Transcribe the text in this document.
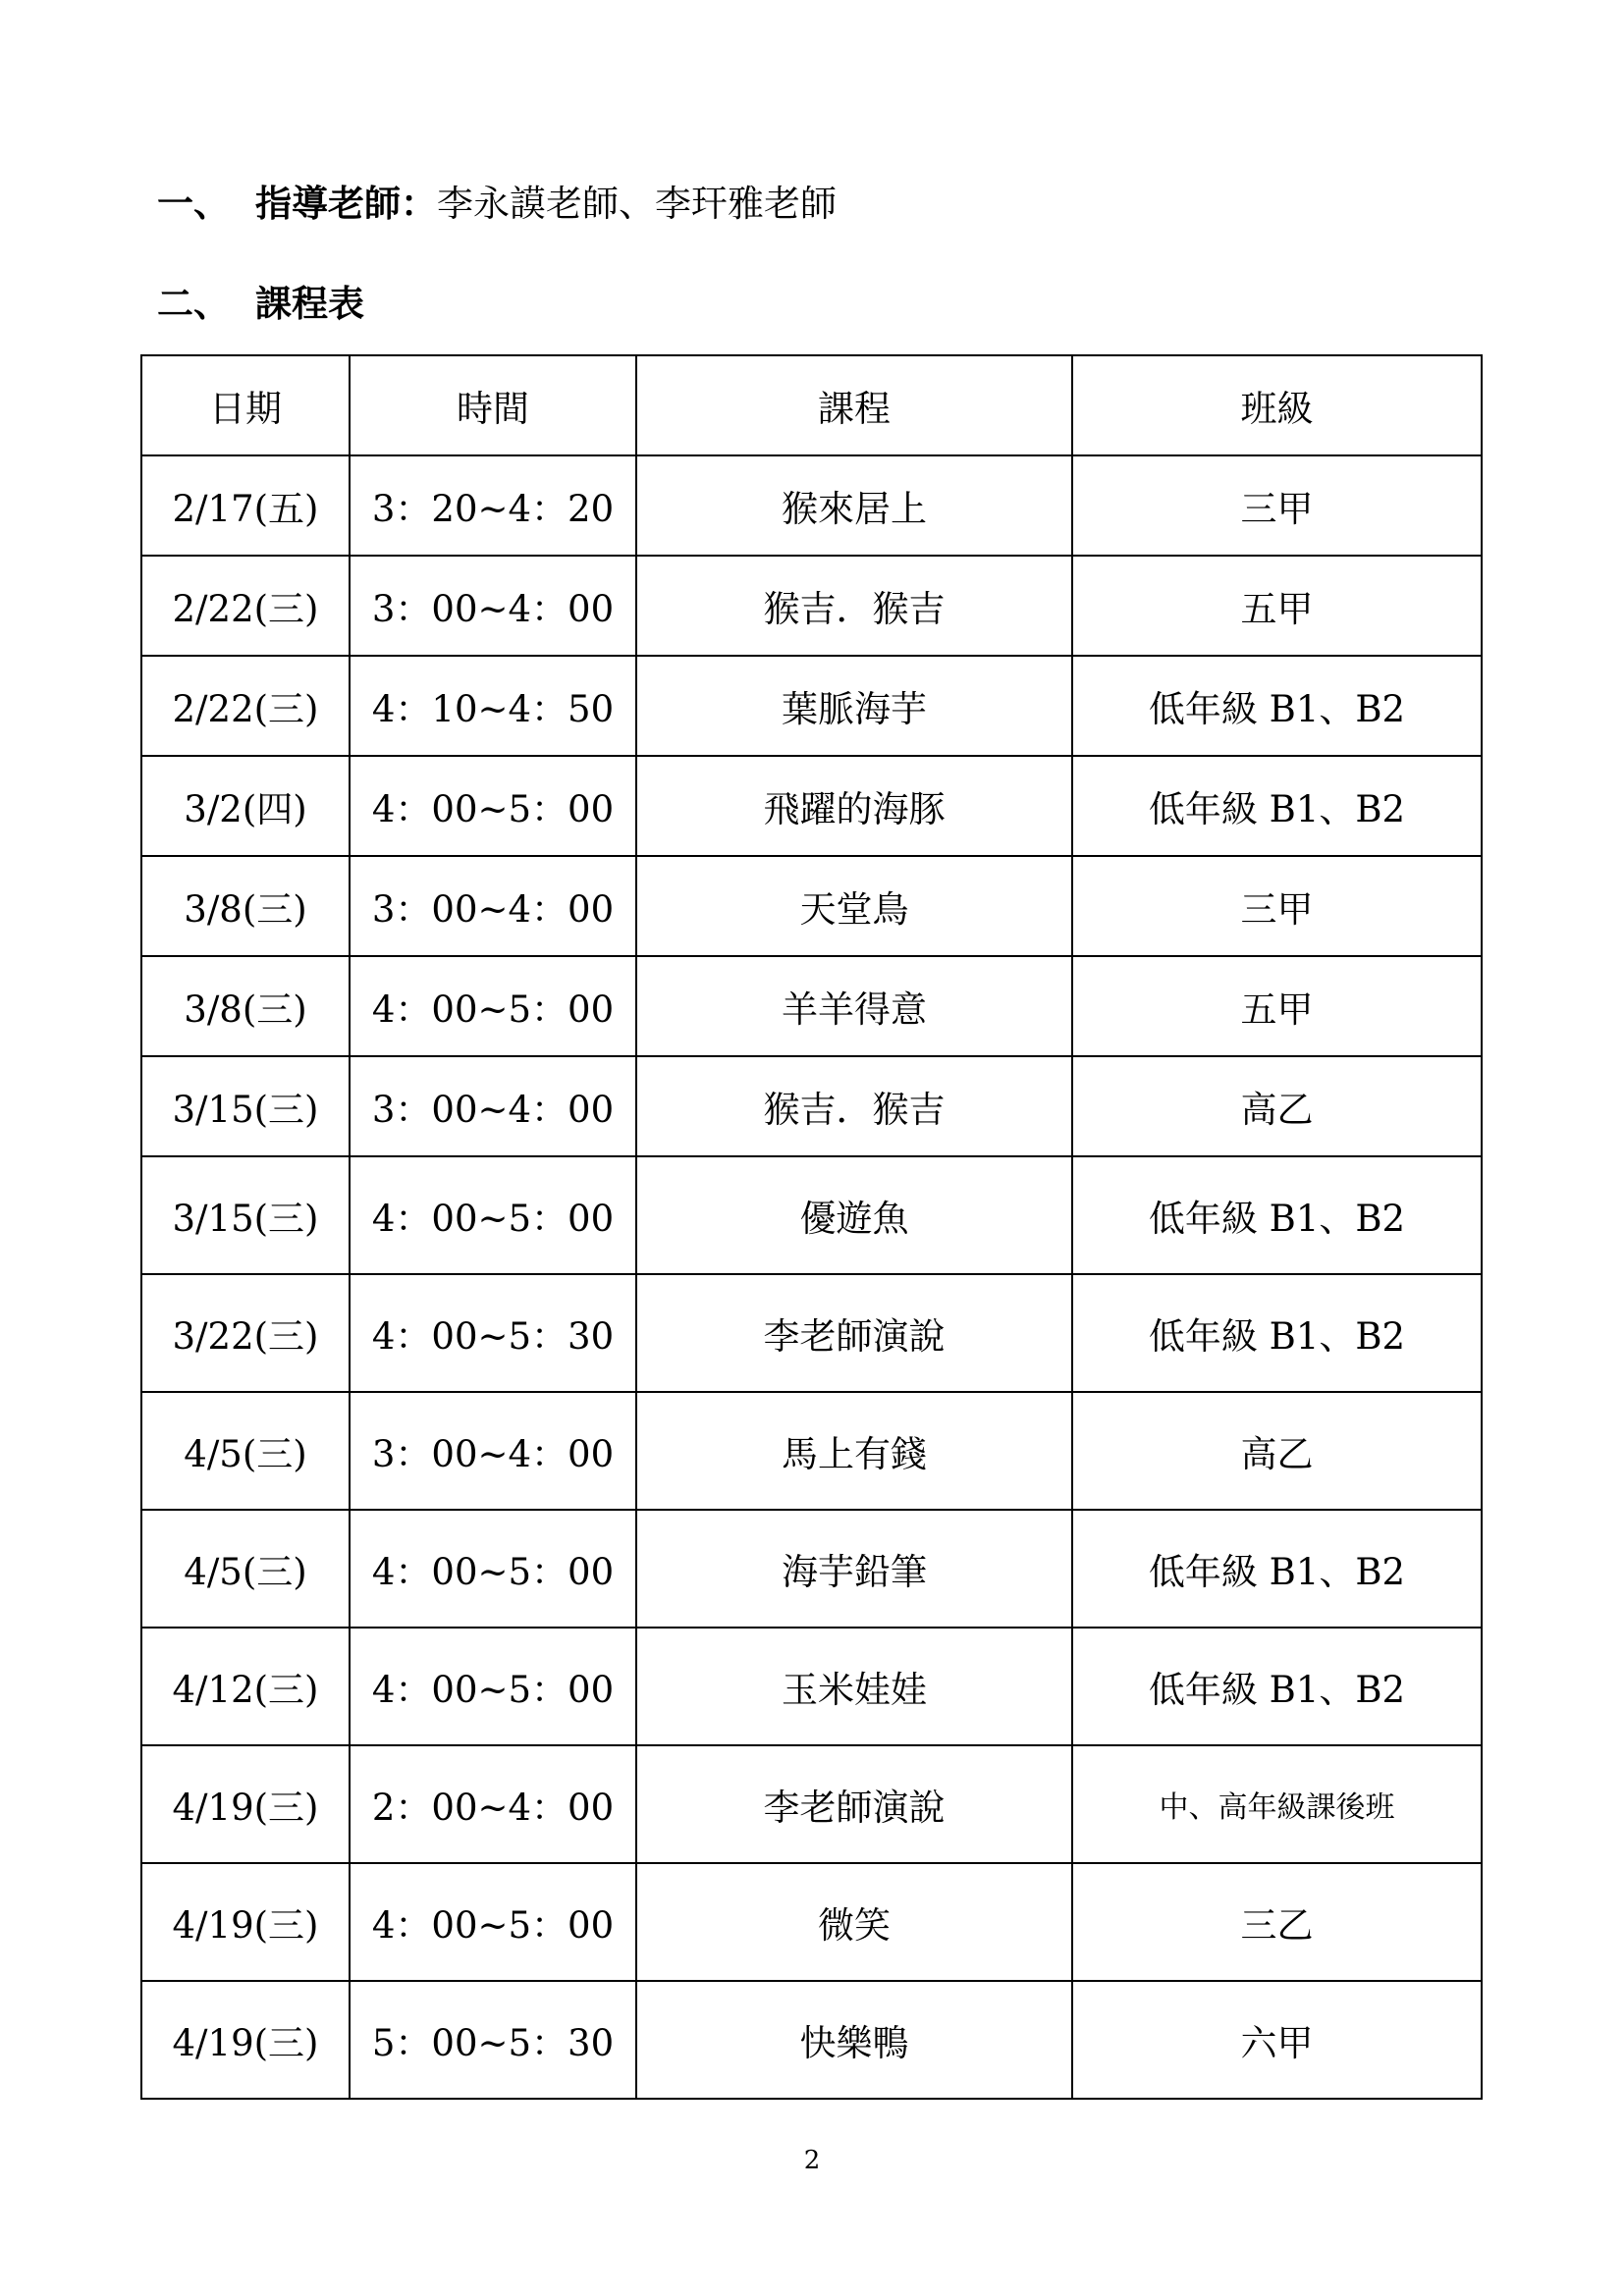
一、 指導老師：李永謨老師、李玕雅老師
二、 課程表
日期	時間	課程	班級
2/17(五)	3：20~4：20	猴來居上	三甲
2/22(三)	3：00~4：00	猴吉．猴吉	五甲
2/22(三)	4：10~4：50	葉脈海芋	低年級 B1、B2
3/2(四)	4：00~5：00	飛躍的海豚	低年級 B1、B2
3/8(三)	3：00~4：00	天堂鳥	三甲
3/8(三)	4：00~5：00	羊羊得意	五甲
3/15(三)	3：00~4：00	猴吉．猴吉	高乙
3/15(三)	4：00~5：00	優遊魚	低年級 B1、B2
3/22(三)	4：00~5：30	李老師演說	低年級 B1、B2
4/5(三)	3：00~4：00	馬上有錢	高乙
4/5(三)	4：00~5：00	海芋鉛筆	低年級 B1、B2
4/12(三)	4：00~5：00	玉米娃娃	低年級 B1、B2
4/19(三)	2：00~4：00	李老師演說	中、高年級課後班
4/19(三)	4：00~5：00	微笑	三乙
4/19(三)	5：00~5：30	快樂鴨	六甲
2
